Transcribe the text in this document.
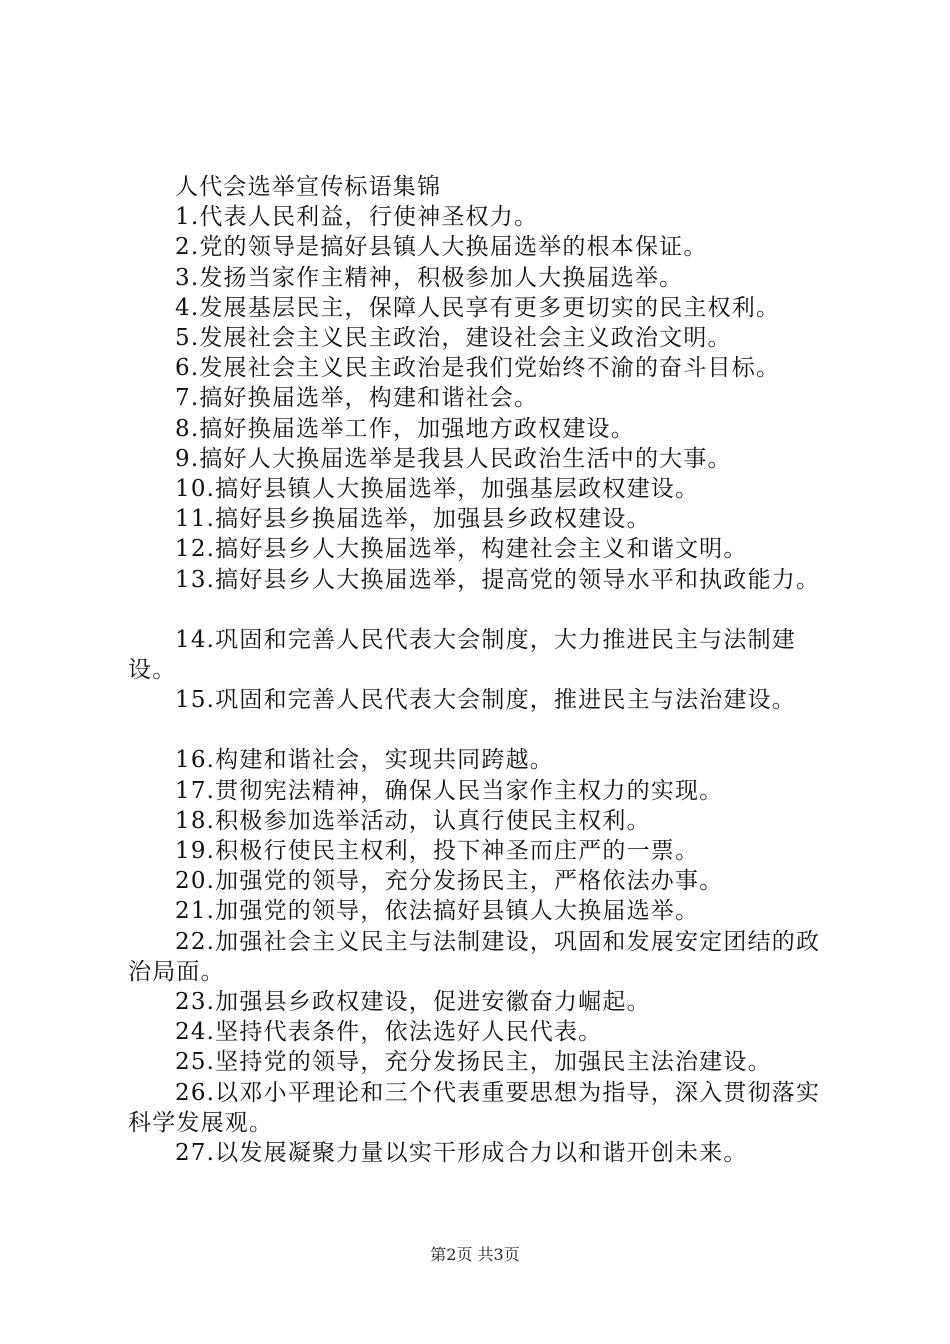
人代会选举宣传标语集锦
1.代表人民利益，行使神圣权力。
2.党的领导是搞好县镇人大换届选举的根本保证。
3.发扬当家作主精神，积极参加人大换届选举。
4.发展基层民主，保障人民享有更多更切实的民主权利。
5.发展社会主义民主政治，建设社会主义政治文明。
6.发展社会主义民主政治是我们党始终不渝的奋斗目标。
7.搞好换届选举，构建和谐社会。
8.搞好换届选举工作，加强地方政权建设。
9.搞好人大换届选举是我县人民政治生活中的大事。
10.搞好县镇人大换届选举，加强基层政权建设。
11.搞好县乡换届选举，加强县乡政权建设。
12.搞好县乡人大换届选举，构建社会主义和谐文明。
13.搞好县乡人大换届选举，提高党的领导水平和执政能力。
14.巩固和完善人民代表大会制度，大力推进民主与法制建设。
15.巩固和完善人民代表大会制度，推进民主与法治建设。
16.构建和谐社会，实现共同跨越。
17.贯彻宪法精神，确保人民当家作主权力的实现。
18.积极参加选举活动，认真行使民主权利。
19.积极行使民主权利，投下神圣而庄严的一票。
20.加强党的领导，充分发扬民主，严格依法办事。
21.加强党的领导，依法搞好县镇人大换届选举。
22.加强社会主义民主与法制建设，巩固和发展安定团结的政治局面。
23.加强县乡政权建设，促进安徽奋力崛起。
24.坚持代表条件，依法选好人民代表。
25.坚持党的领导，充分发扬民主，加强民主法治建设。
26.以邓小平理论和三个代表重要思想为指导，深入贯彻落实科学发展观。
27.以发展凝聚力量以实干形成合力以和谐开创未来。
第2页 共3页
